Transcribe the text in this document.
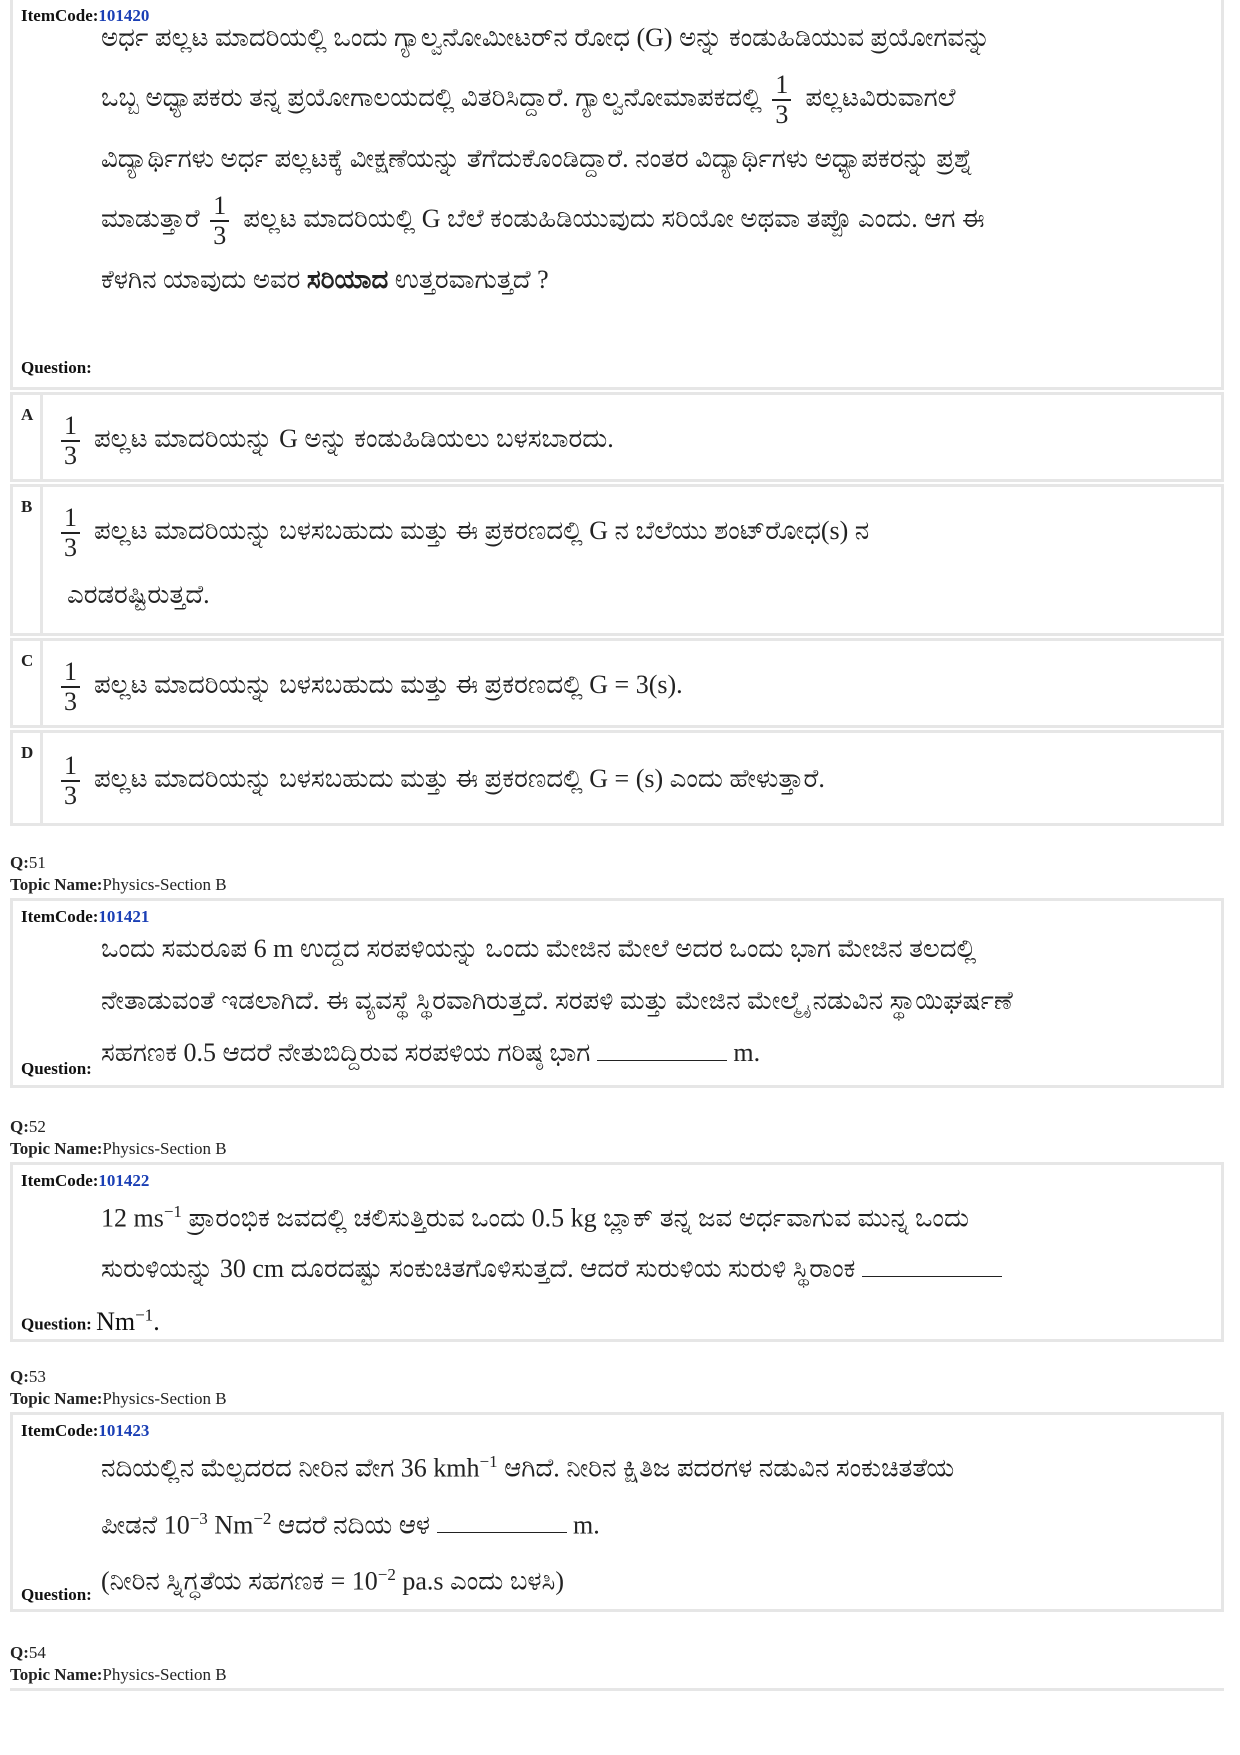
ItemCode:101420
ಅರ್ಧ ಪಲ್ಲಟ ಮಾದರಿಯಲ್ಲಿ ಒಂದು ಗ್ಯಾಲ್ವನೋಮೀಟರ್‌ನ ರೋಧ (G) ಅನ್ನು ಕಂಡುಹಿಡಿಯುವ ಪ್ರಯೋಗವನ್ನು
ಒಬ್ಬ ಅಧ್ಯಾಪಕರು ತನ್ನ ಪ್ರಯೋಗಾಲಯದಲ್ಲಿ ವಿತರಿಸಿದ್ದಾರೆ. ಗ್ಯಾಲ್ವನೋಮಾಪಕದಲ್ಲಿ $\frac{1}{3}$ ಪಲ್ಲಟವಿರುವಾಗಲೆ
ವಿದ್ಯಾರ್ಥಿಗಳು ಅರ್ಧ ಪಲ್ಲಟಕ್ಕೆ ವೀಕ್ಷಣೆಯನ್ನು ತೆಗೆದುಕೊಂಡಿದ್ದಾರೆ. ನಂತರ ವಿದ್ಯಾರ್ಥಿಗಳು ಅಧ್ಯಾಪಕರನ್ನು ಪ್ರಶ್ನೆ
ಮಾಡುತ್ತಾರೆ $\frac{1}{3}$ ಪಲ್ಲಟ ಮಾದರಿಯಲ್ಲಿ G ಬೆಲೆ ಕಂಡುಹಿಡಿಯುವುದು ಸರಿಯೋ ಅಥವಾ ತಪ್ಪೊ ಎಂದು. ಆಗ ಈ
ಕೆಳಗಿನ ಯಾವುದು ಅವರ ಸರಿಯಾದ ಉತ್ತರವಾಗುತ್ತದೆ ?
Question:
A	$\frac{1}{3}$ ಪಲ್ಲಟ ಮಾದರಿಯನ್ನು G ಅನ್ನು ಕಂಡುಹಿಡಿಯಲು ಬಳಸಬಾರದು.
B	$\frac{1}{3}$ ಪಲ್ಲಟ ಮಾದರಿಯನ್ನು ಬಳಸಬಹುದು ಮತ್ತು ಈ ಪ್ರಕರಣದಲ್ಲಿ G ನ ಬೆಲೆಯು ಶಂಟ್‌ರೋಧ(s) ನ
ಎರಡರಷ್ಟಿರುತ್ತದೆ.
C	$\frac{1}{3}$ ಪಲ್ಲಟ ಮಾದರಿಯನ್ನು ಬಳಸಬಹುದು ಮತ್ತು ಈ ಪ್ರಕರಣದಲ್ಲಿ G = 3(s).
D	$\frac{1}{3}$ ಪಲ್ಲಟ ಮಾದರಿಯನ್ನು ಬಳಸಬಹುದು ಮತ್ತು ಈ ಪ್ರಕರಣದಲ್ಲಿ G = (s) ಎಂದು ಹೇಳುತ್ತಾರೆ.
Q:51
Topic Name:Physics-Section B
ItemCode:101421
ಒಂದು ಸಮರೂಪ 6 m ಉದ್ದದ ಸರಪಳಿಯನ್ನು ಒಂದು ಮೇಜಿನ ಮೇಲೆ ಅದರ ಒಂದು ಭಾಗ ಮೇಜಿನ ತಲದಲ್ಲಿ
ನೇತಾಡುವಂತೆ ಇಡಲಾಗಿದೆ. ಈ ವ್ಯವಸ್ಥೆ ಸ್ಥಿರವಾಗಿರುತ್ತದೆ. ಸರಪಳಿ ಮತ್ತು ಮೇಜಿನ ಮೇಲ್ಮೈ ನಡುವಿನ ಸ್ಥಾಯಿಘರ್ಷಣೆ
ಸಹಗಣಕ 0.5 ಆದರೆ ನೇತುಬಿದ್ದಿರುವ ಸರಪಳಿಯ ಗರಿಷ್ಠ ಭಾಗ	m.
Question:
Q:52
Topic Name:Physics-Section B
ItemCode:101422
12 $ms^{-1}$ ಪ್ರಾರಂಭಿಕ ಜವದಲ್ಲಿ ಚಲಿಸುತ್ತಿರುವ ಒಂದು 0.5 kg ಬ್ಲಾಕ್ ತನ್ನ ಜವ ಅರ್ಧವಾಗುವ ಮುನ್ನ ಒಂದು
ಸುರುಳಿಯನ್ನು 30 cm ದೂರದಷ್ಟು ಸಂಕುಚಿತಗೊಳಿಸುತ್ತದೆ. ಆದರೆ ಸುರುಳಿಯ ಸುರುಳಿ ಸ್ಥಿರಾಂಕ
Question: $Nm^{-1}$.
Q:53
Topic Name:Physics-Section B
ItemCode:101423
ನದಿಯಲ್ಲಿನ ಮೆಲ್ಪದರದ ನೀರಿನ ವೇಗ 36 kmh$^{-1}$ ಆಗಿದೆ. ನೀರಿನ ಕ್ಷಿತಿಜ ಪದರಗಳ ನಡುವಿನ ಸಂಕುಚಿತತೆಯ
ಪೀಡನೆ $10^{-3}$ $Nm^{-2}$ ಆದರೆ ನದಿಯ ಆಳ	m.
(ನೀರಿನ ಸ್ನಿಗ್ಧತೆಯ ಸಹಗಣಕ = $10^{-2}$ pa.s ಎಂದು ಬಳಸಿ)
Question:
Q:54
Topic Name:Physics-Section B
